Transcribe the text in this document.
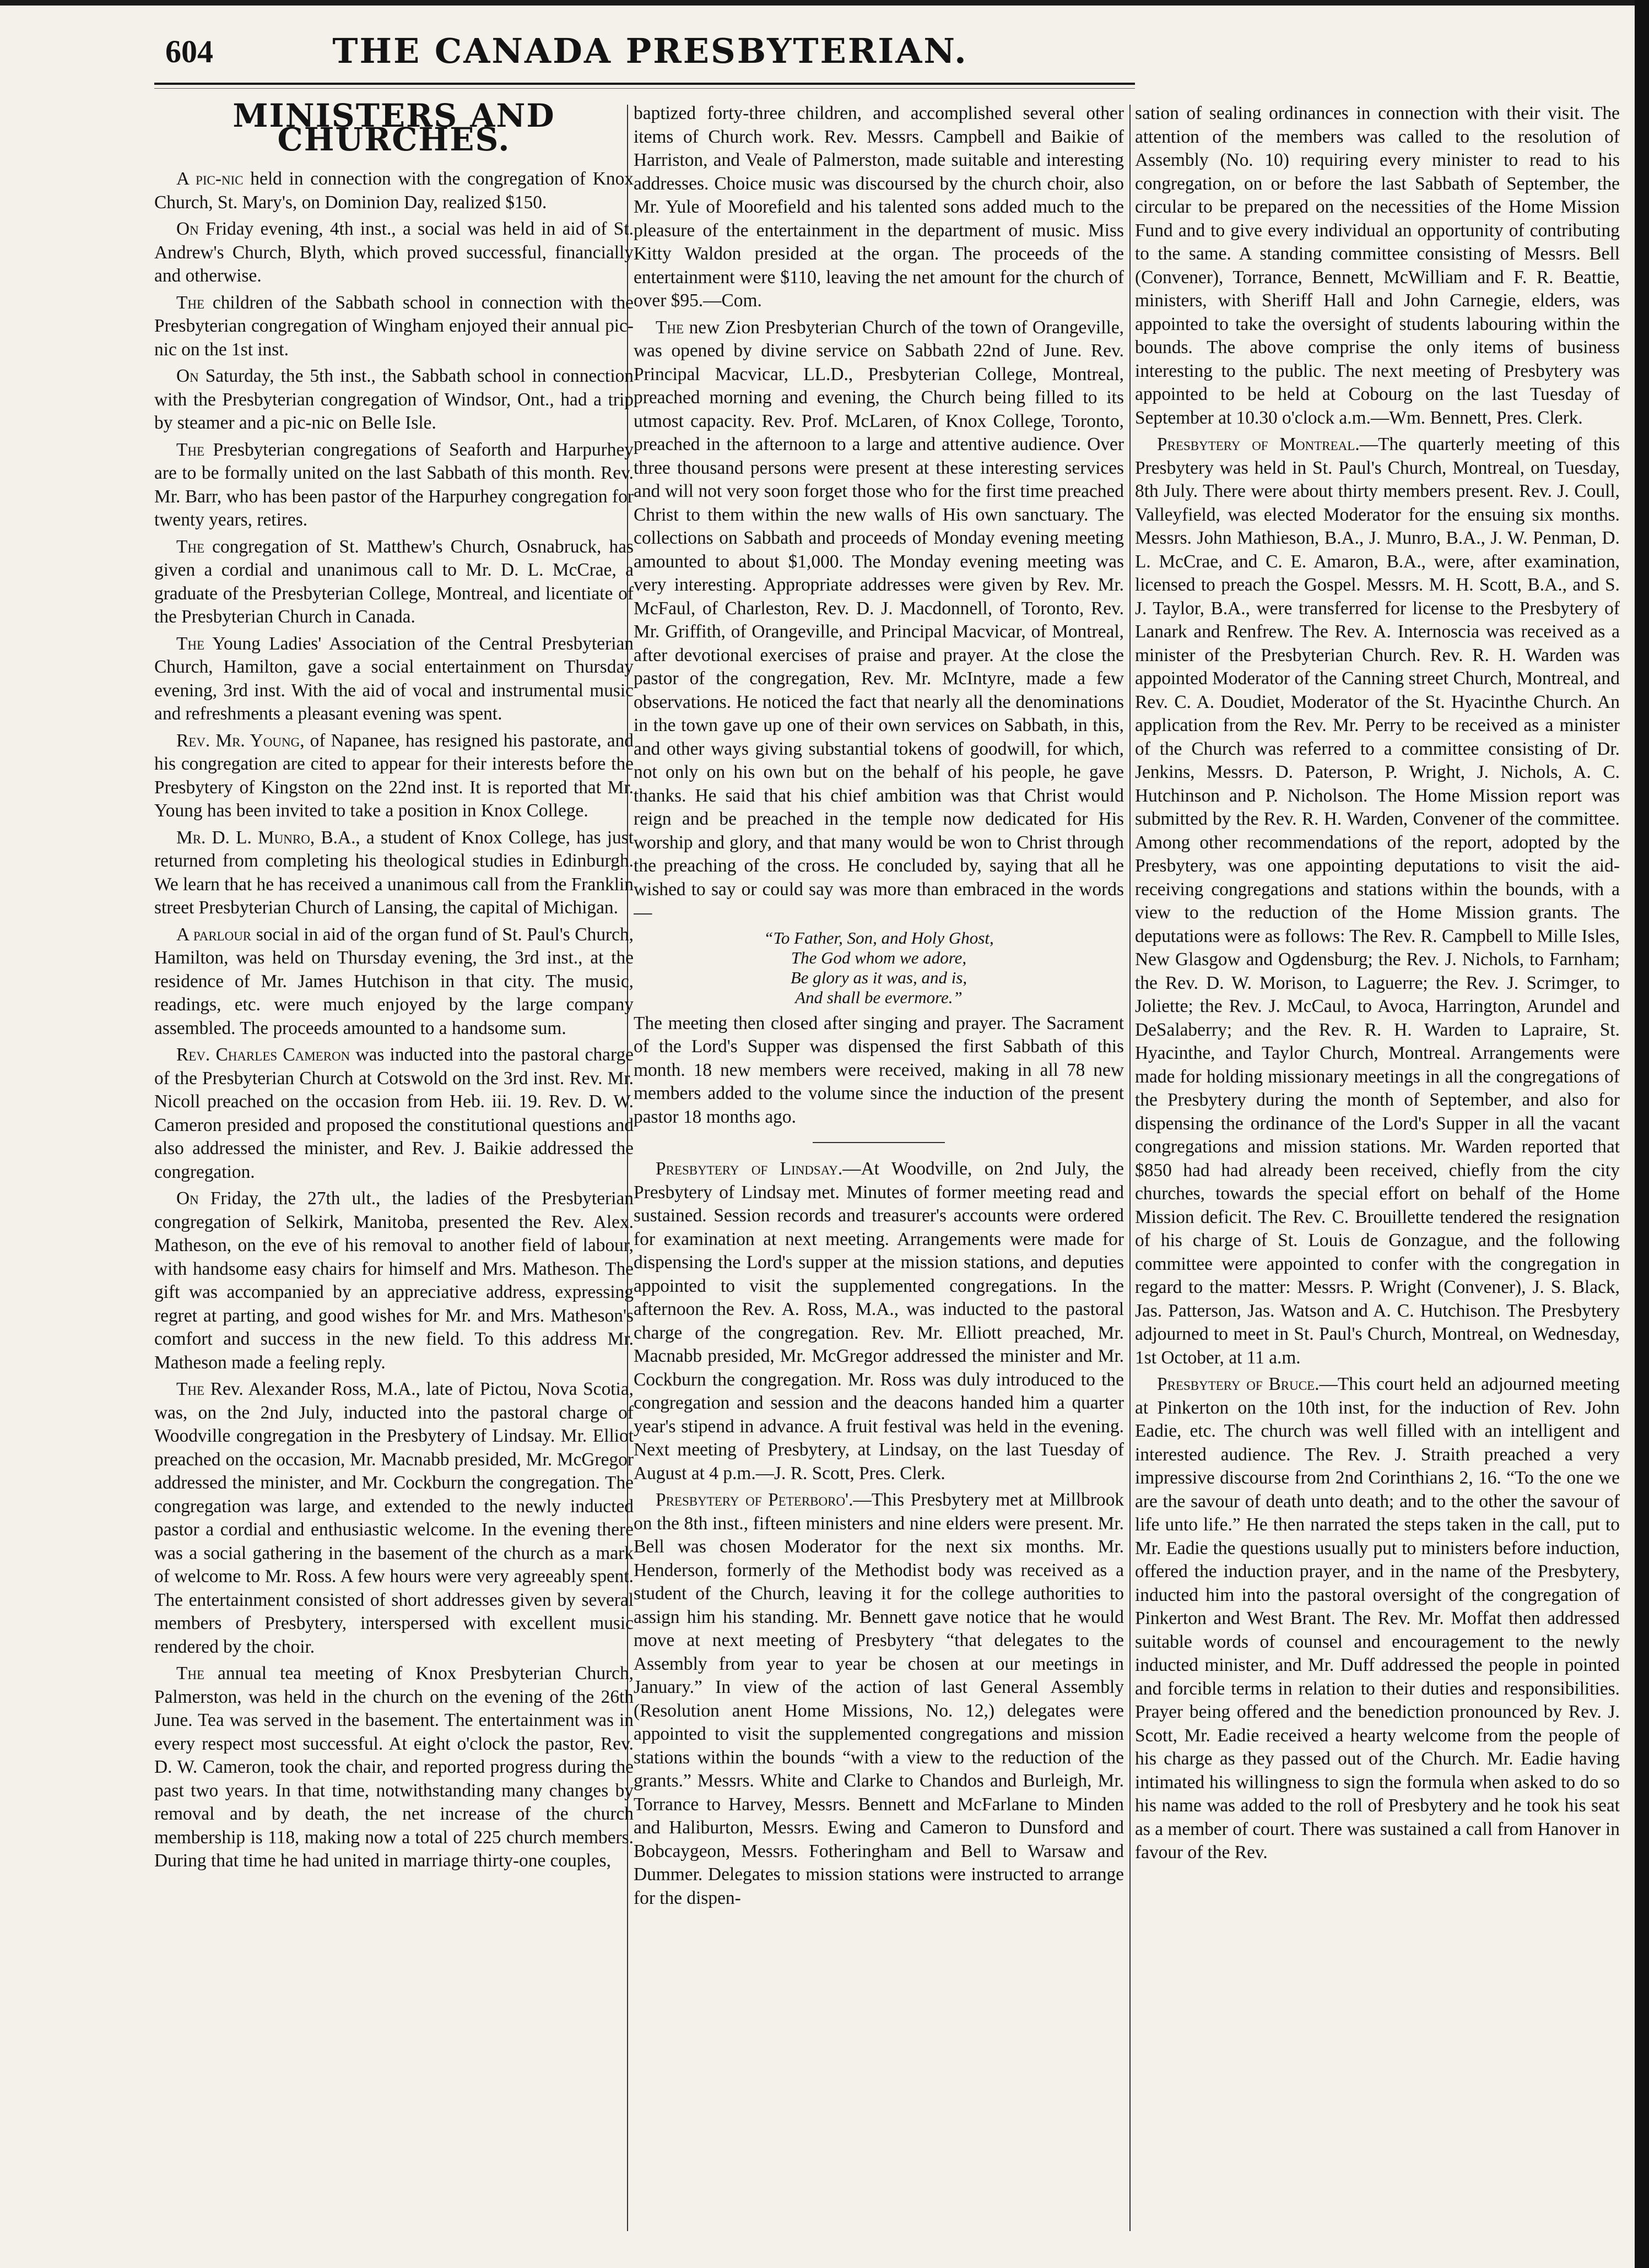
604	THE CANADA PRESBYTERIAN.
MINISTERS AND CHURCHES.

A pic-nic held in connection with the congregation of Knox Church, St. Mary's, on Dominion Day, realized $150.

On Friday evening, 4th inst., a social was held in aid of St. Andrew's Church, Blyth, which proved successful, financially and otherwise.

The children of the Sabbath school in connection with the Presbyterian congregation of Wingham enjoyed their annual pic-nic on the 1st inst.

On Saturday, the 5th inst., the Sabbath school in connection with the Presbyterian congregation of Windsor, Ont., had a trip by steamer and a pic-nic on Belle Isle.

The Presbyterian congregations of Seaforth and Harpurhey are to be formally united on the last Sabbath of this month. Rev. Mr. Barr, who has been pastor of the Harpurhey congregation for twenty years, retires.

The congregation of St. Matthew's Church, Osnabruck, has given a cordial and unanimous call to Mr. D. L. McCrae, a graduate of the Presbyterian College, Montreal, and licentiate of the Presbyterian Church in Canada.

The Young Ladies' Association of the Central Presbyterian Church, Hamilton, gave a social entertainment on Thursday evening, 3rd inst. With the aid of vocal and instrumental music and refreshments a pleasant evening was spent.

Rev. Mr. Young, of Napanee, has resigned his pastorate, and his congregation are cited to appear for their interests before the Presbytery of Kingston on the 22nd inst. It is reported that Mr. Young has been invited to take a position in Knox College.

Mr. D. L. Munro, B.A., a student of Knox College, has just returned from completing his theological studies in Edinburgh. We learn that he has received a unanimous call from the Franklin street Presbyterian Church of Lansing, the capital of Michigan.

A parlour social in aid of the organ fund of St. Paul's Church, Hamilton, was held on Thursday evening, the 3rd inst., at the residence of Mr. James Hutchison in that city. The music, readings, etc. were much enjoyed by the large company assembled. The proceeds amounted to a handsome sum.

Rev. Charles Cameron was inducted into the pastoral charge of the Presbyterian Church at Cotswold on the 3rd inst. Rev. Mr. Nicoll preached on the occasion from Heb. iii. 19. Rev. D. W. Cameron presided and proposed the constitutional questions and also addressed the minister, and Rev. J. Baikie addressed the congregation.

On Friday, the 27th ult., the ladies of the Presbyterian congregation of Selkirk, Manitoba, presented the Rev. Alex. Matheson, on the eve of his removal to another field of labour, with handsome easy chairs for himself and Mrs. Matheson. The gift was accompanied by an appreciative address, expressing regret at parting, and good wishes for Mr. and Mrs. Matheson's comfort and success in the new field. To this address Mr. Matheson made a feeling reply.

The Rev. Alexander Ross, M.A., late of Pictou, Nova Scotia, was, on the 2nd July, inducted into the pastoral charge of Woodville congregation in the Presbytery of Lindsay. Mr. Elliot preached on the occasion, Mr. Macnabb presided, Mr. McGregor addressed the minister, and Mr. Cockburn the congregation. The congregation was large, and extended to the newly inducted pastor a cordial and enthusiastic welcome. In the evening there was a social gathering in the basement of the church as a mark of welcome to Mr. Ross. A few hours were very agreeably spent. The entertainment consisted of short addresses given by several members of Presbytery, interspersed with excellent music rendered by the choir.

The annual tea meeting of Knox Presbyterian Church, Palmerston, was held in the church on the evening of the 26th June. Tea was served in the basement. The entertainment was in every respect most successful. At eight o'clock the pastor, Rev. D. W. Cameron, took the chair, and reported progress during the past two years. In that time, notwithstanding many changes by removal and by death, the net increase of the church membership is 118, making now a total of 225 church members. During that time he had united in marriage thirty-one couples,

baptized forty-three children, and accomplished several other items of Church work. Rev. Messrs. Campbell and Baikie of Harriston, and Veale of Palmerston, made suitable and interesting addresses. Choice music was discoursed by the church choir, also Mr. Yule of Moorefield and his talented sons added much to the pleasure of the entertainment in the department of music. Miss Kitty Waldon presided at the organ. The proceeds of the entertainment were $110, leaving the net amount for the church of over $95.—Com.

The new Zion Presbyterian Church of the town of Orangeville, was opened by divine service on Sabbath 22nd of June. Rev. Principal Macvicar, LL.D., Presbyterian College, Montreal, preached morning and evening, the Church being filled to its utmost capacity. Rev. Prof. McLaren, of Knox College, Toronto, preached in the afternoon to a large and attentive audience. Over three thousand persons were present at these interesting services and will not very soon forget those who for the first time preached Christ to them within the new walls of His own sanctuary. The collections on Sabbath and proceeds of Monday evening meeting amounted to about $1,000. The Monday evening meeting was very interesting. Appropriate addresses were given by Rev. Mr. McFaul, of Charleston, Rev. D. J. Macdonnell, of Toronto, Rev. Mr. Griffith, of Orangeville, and Principal Macvicar, of Montreal, after devotional exercises of praise and prayer. At the close the pastor of the congregation, Rev. Mr. McIntyre, made a few observations. He noticed the fact that nearly all the denominations in the town gave up one of their own services on Sabbath, in this, and other ways giving substantial tokens of goodwill, for which, not only on his own but on the behalf of his people, he gave thanks. He said that his chief ambition was that Christ would reign and be preached in the temple now dedicated for His worship and glory, and that many would be won to Christ through the preaching of the cross. He concluded by, saying that all he wished to say or could say was more than embraced in the words—

“To Father, Son, and Holy Ghost,
The God whom we adore,
Be glory as it was, and is,
And shall be evermore.”

The meeting then closed after singing and prayer. The Sacrament of the Lord's Supper was dispensed the first Sabbath of this month. 18 new members were received, making in all 78 new members added to the volume since the induction of the present pastor 18 months ago.

Presbytery of Lindsay.—At Woodville, on 2nd July, the Presbytery of Lindsay met. Minutes of former meeting read and sustained. Session records and treasurer's accounts were ordered for examination at next meeting. Arrangements were made for dispensing the Lord's supper at the mission stations, and deputies appointed to visit the supplemented congregations. In the afternoon the Rev. A. Ross, M.A., was inducted to the pastoral charge of the congregation. Rev. Mr. Elliott preached, Mr. Macnabb presided, Mr. McGregor addressed the minister and Mr. Cockburn the congregation. Mr. Ross was duly introduced to the congregation and session and the deacons handed him a quarter year's stipend in advance. A fruit festival was held in the evening. Next meeting of Presbytery, at Lindsay, on the last Tuesday of August at 4 p.m.—J. R. Scott, Pres. Clerk.

Presbytery of Peterboro'.—This Presbytery met at Millbrook on the 8th inst., fifteen ministers and nine elders were present. Mr. Bell was chosen Moderator for the next six months. Mr. Henderson, formerly of the Methodist body was received as a student of the Church, leaving it for the college authorities to assign him his standing. Mr. Bennett gave notice that he would move at next meeting of Presbytery “that delegates to the Assembly from year to year be chosen at our meetings in January.” In view of the action of last General Assembly (Resolution anent Home Missions, No. 12,) delegates were appointed to visit the supplemented congregations and mission stations within the bounds “with a view to the reduction of the grants.” Messrs. White and Clarke to Chandos and Burleigh, Mr. Torrance to Harvey, Messrs. Bennett and McFarlane to Minden and Haliburton, Messrs. Ewing and Cameron to Dunsford and Bobcaygeon, Messrs. Fotheringham and Bell to Warsaw and Dummer. Delegates to mission stations were instructed to arrange for the dispen-

sation of sealing ordinances in connection with their visit. The attention of the members was called to the resolution of Assembly (No. 10) requiring every minister to read to his congregation, on or before the last Sabbath of September, the circular to be prepared on the necessities of the Home Mission Fund and to give every individual an opportunity of contributing to the same. A standing committee consisting of Messrs. Bell (Convener), Torrance, Bennett, McWilliam and F. R. Beattie, ministers, with Sheriff Hall and John Carnegie, elders, was appointed to take the oversight of students labouring within the bounds. The above comprise the only items of business interesting to the public. The next meeting of Presbytery was appointed to be held at Cobourg on the last Tuesday of September at 10.30 o'clock a.m.—Wm. Bennett, Pres. Clerk.

Presbytery of Montreal.—The quarterly meeting of this Presbytery was held in St. Paul's Church, Montreal, on Tuesday, 8th July. There were about thirty members present. Rev. J. Coull, Valleyfield, was elected Moderator for the ensuing six months. Messrs. John Mathieson, B.A., J. Munro, B.A., J. W. Penman, D. L. McCrae, and C. E. Amaron, B.A., were, after examination, licensed to preach the Gospel. Messrs. M. H. Scott, B.A., and S. J. Taylor, B.A., were transferred for license to the Presbytery of Lanark and Renfrew. The Rev. A. Internoscia was received as a minister of the Presbyterian Church. Rev. R. H. Warden was appointed Moderator of the Canning street Church, Montreal, and Rev. C. A. Doudiet, Moderator of the St. Hyacinthe Church. An application from the Rev. Mr. Perry to be received as a minister of the Church was referred to a committee consisting of Dr. Jenkins, Messrs. D. Paterson, P. Wright, J. Nichols, A. C. Hutchinson and P. Nicholson. The Home Mission report was submitted by the Rev. R. H. Warden, Convener of the committee. Among other recommendations of the report, adopted by the Presbytery, was one appointing deputations to visit the aid-receiving congregations and stations within the bounds, with a view to the reduction of the Home Mission grants. The deputations were as follows: The Rev. R. Campbell to Mille Isles, New Glasgow and Ogdensburg; the Rev. J. Nichols, to Farnham; the Rev. D. W. Morison, to Laguerre; the Rev. J. Scrimger, to Joliette; the Rev. J. McCaul, to Avoca, Harrington, Arundel and DeSalaberry; and the Rev. R. H. Warden to Lapraire, St. Hyacinthe, and Taylor Church, Montreal. Arrangements were made for holding missionary meetings in all the congregations of the Presbytery during the month of September, and also for dispensing the ordinance of the Lord's Supper in all the vacant congregations and mission stations. Mr. Warden reported that $850 had had already been received, chiefly from the city churches, towards the special effort on behalf of the Home Mission deficit. The Rev. C. Brouillette tendered the resignation of his charge of St. Louis de Gonzague, and the following committee were appointed to confer with the congregation in regard to the matter: Messrs. P. Wright (Convener), J. S. Black, Jas. Patterson, Jas. Watson and A. C. Hutchison. The Presbytery adjourned to meet in St. Paul's Church, Montreal, on Wednesday, 1st October, at 11 a.m.

Presbytery of Bruce.—This court held an adjourned meeting at Pinkerton on the 10th inst, for the induction of Rev. John Eadie, etc. The church was well filled with an intelligent and interested audience. The Rev. J. Straith preached a very impressive discourse from 2nd Corinthians 2, 16. “To the one we are the savour of death unto death; and to the other the savour of life unto life.” He then narrated the steps taken in the call, put to Mr. Eadie the questions usually put to ministers before induction, offered the induction prayer, and in the name of the Presbytery, inducted him into the pastoral oversight of the congregation of Pinkerton and West Brant. The Rev. Mr. Moffat then addressed suitable words of counsel and encouragement to the newly inducted minister, and Mr. Duff addressed the people in pointed and forcible terms in relation to their duties and responsibilities. Prayer being offered and the benediction pronounced by Rev. J. Scott, Mr. Eadie received a hearty welcome from the people of his charge as they passed out of the Church. Mr. Eadie having intimated his willingness to sign the formula when asked to do so his name was added to the roll of Presbytery and he took his seat as a member of court. There was sustained a call from Hanover in favour of the Rev.
